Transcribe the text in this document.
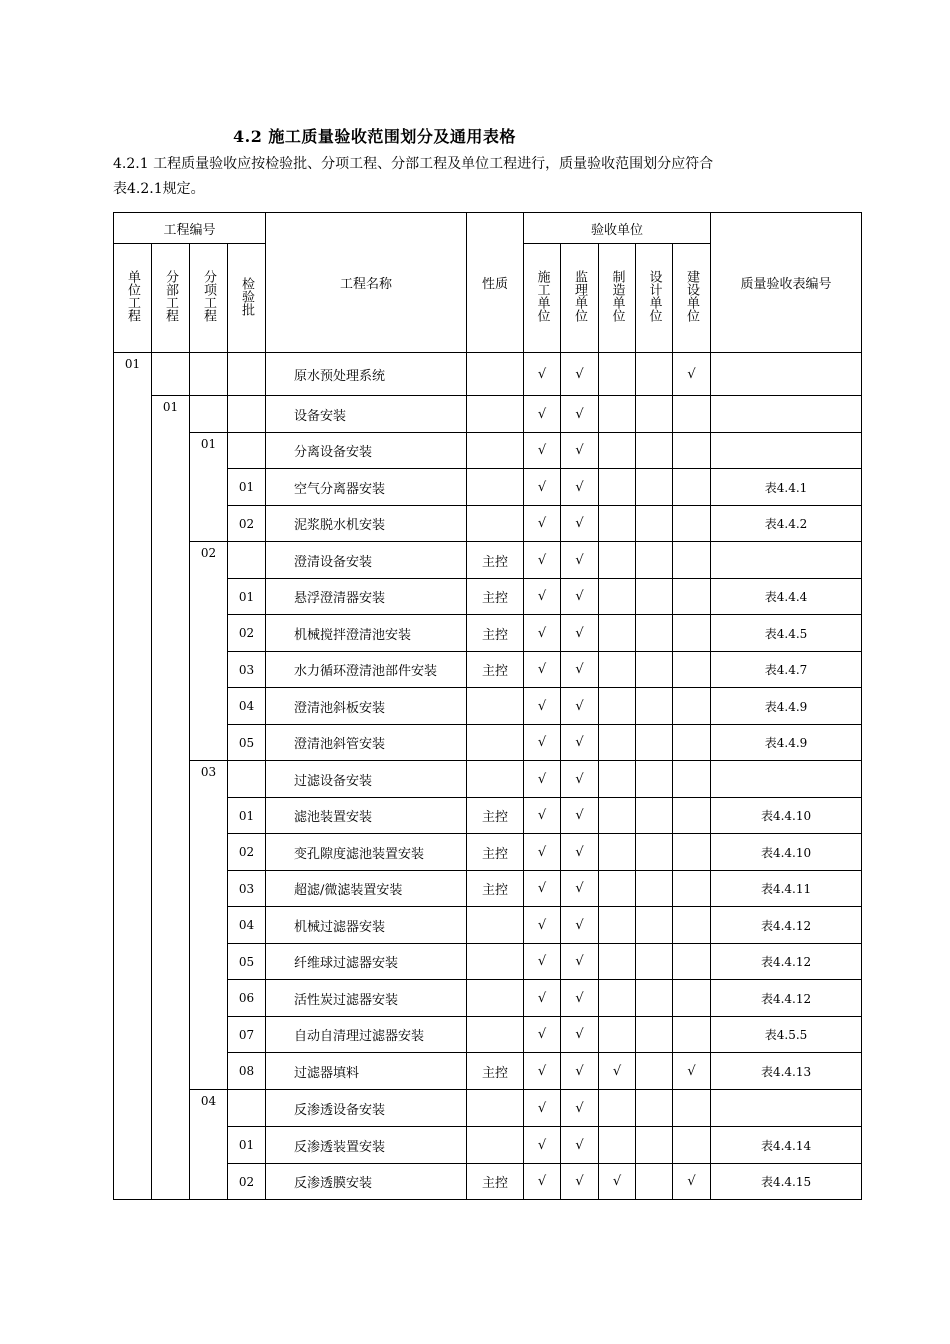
4.2 施工质量验收范围划分及通用表格
4.2.1 工程质量验收应按检验批、分项工程、分部工程及单位工程进行，质量验收范围划分应符合
表4.2.1规定。
工程编号				工程名称	性质	验收单位					质量验收表编号
单位工程	分部工程	分项工程	检验批			施工单位	监理单位	制造单位	设计单位	建设单位	
01				原水预处理系统		√	√			√	
	01			设备安装		√	√				
		01		分离设备安装		√	√				
			01	空气分离器安装		√	√				表4.4.1
			02	泥浆脱水机安装		√	√				表4.4.2
		02		澄清设备安装	主控	√	√				
			01	悬浮澄清器安装	主控	√	√				表4.4.4
			02	机械搅拌澄清池安装	主控	√	√				表4.4.5
			03	水力循环澄清池部件安装	主控	√	√				表4.4.7
			04	澄清池斜板安装		√	√				表4.4.9
			05	澄清池斜管安装		√	√				表4.4.9
		03		过滤设备安装		√	√				
			01	滤池装置安装	主控	√	√				表4.4.10
			02	变孔隙度滤池装置安装	主控	√	√				表4.4.10
			03	超滤/微滤装置安装	主控	√	√				表4.4.11
			04	机械过滤器安装		√	√				表4.4.12
			05	纤维球过滤器安装		√	√				表4.4.12
			06	活性炭过滤器安装		√	√				表4.4.12
			07	自动自清理过滤器安装		√	√				表4.5.5
			08	过滤器填料	主控	√	√	√		√	表4.4.13
		04		反渗透设备安装		√	√				
			01	反渗透装置安装		√	√				表4.4.14
			02	反渗透膜安装	主控	√	√	√		√	表4.4.15
